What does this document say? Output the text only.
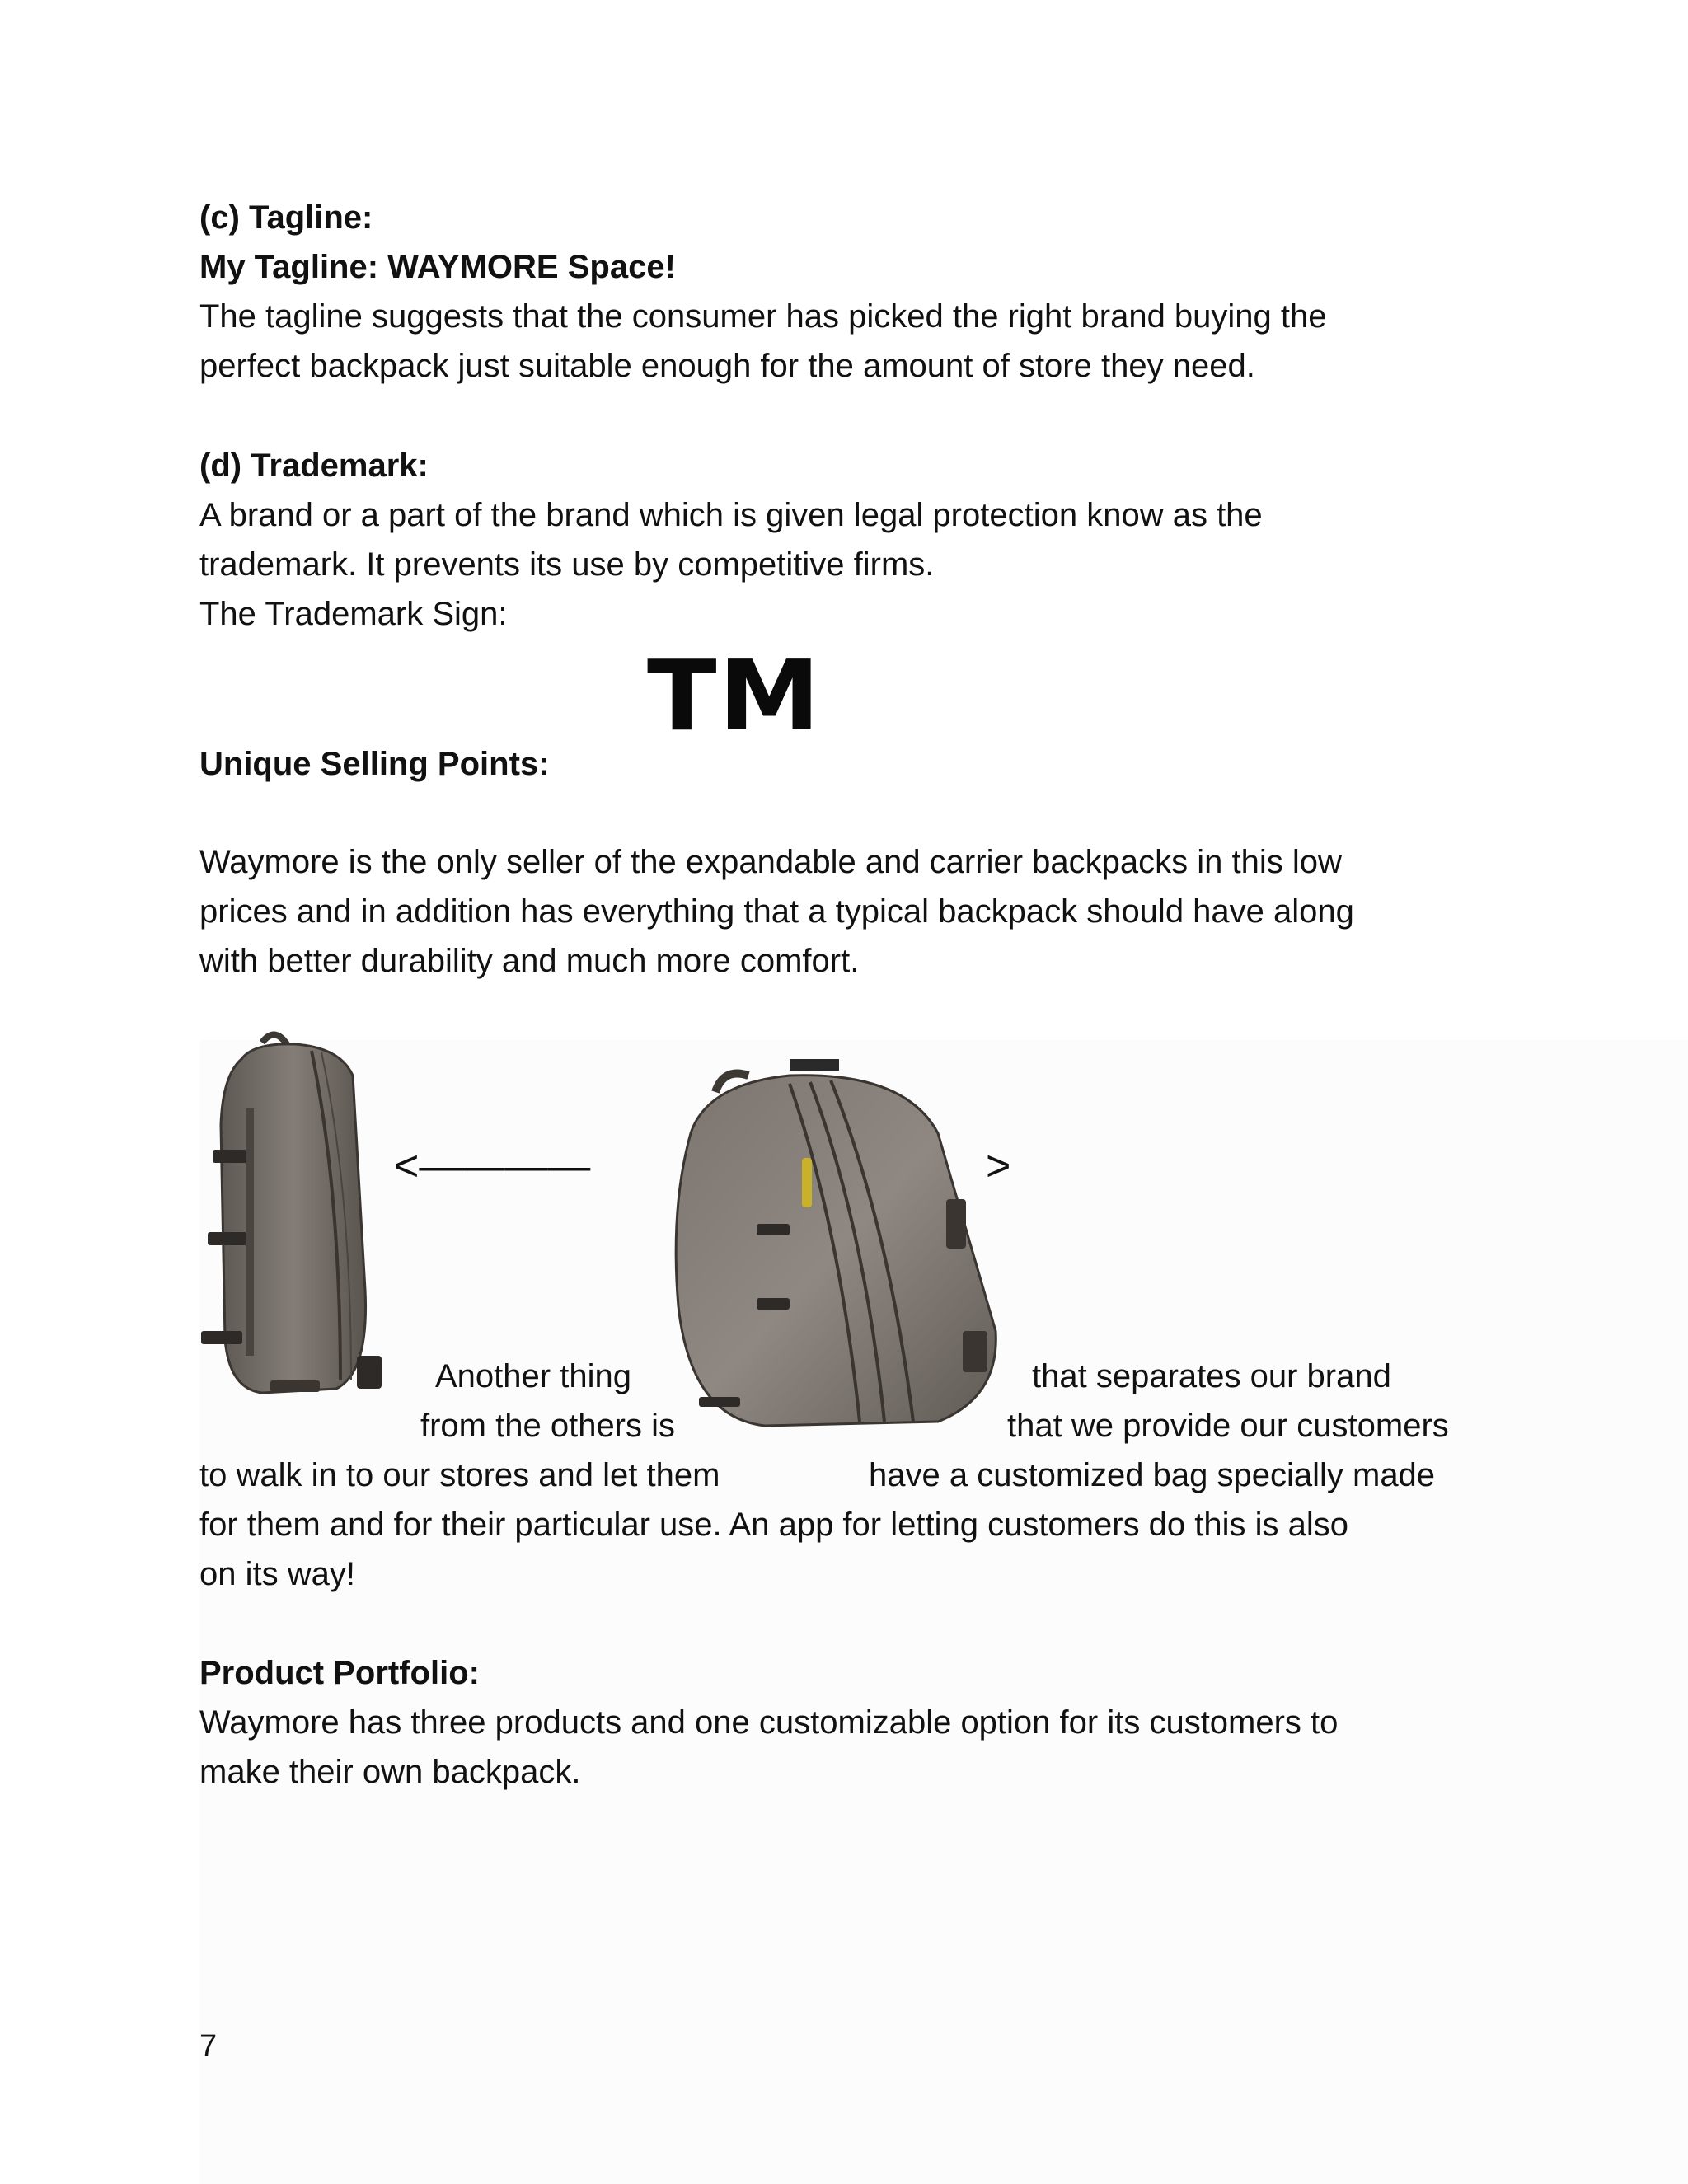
(c) Tagline:
My Tagline: WAYMORE Space!
The tagline suggests that the consumer has picked the right brand buying the
perfect backpack just suitable enough for the amount of store they need.
(d) Trademark:
A brand or a part of the brand which is given legal protection know as the
trademark. It prevents its use by competitive firms.
The Trademark Sign:
TM
Unique Selling Points:
Waymore is the only seller of the expandable and carrier backpacks in this low
prices and in addition has everything that a typical backpack should have along
with better durability and much more comfort.
<————	>
Another thing	that separates our brand
from the others is	that we provide our customers
to walk in to our stores and let them	have a customized bag specially made
for them and for their particular use. An app for letting customers do this is also
on its way!
Product Portfolio:
Waymore has three products and one customizable option for its customers to
make their own backpack.
7
